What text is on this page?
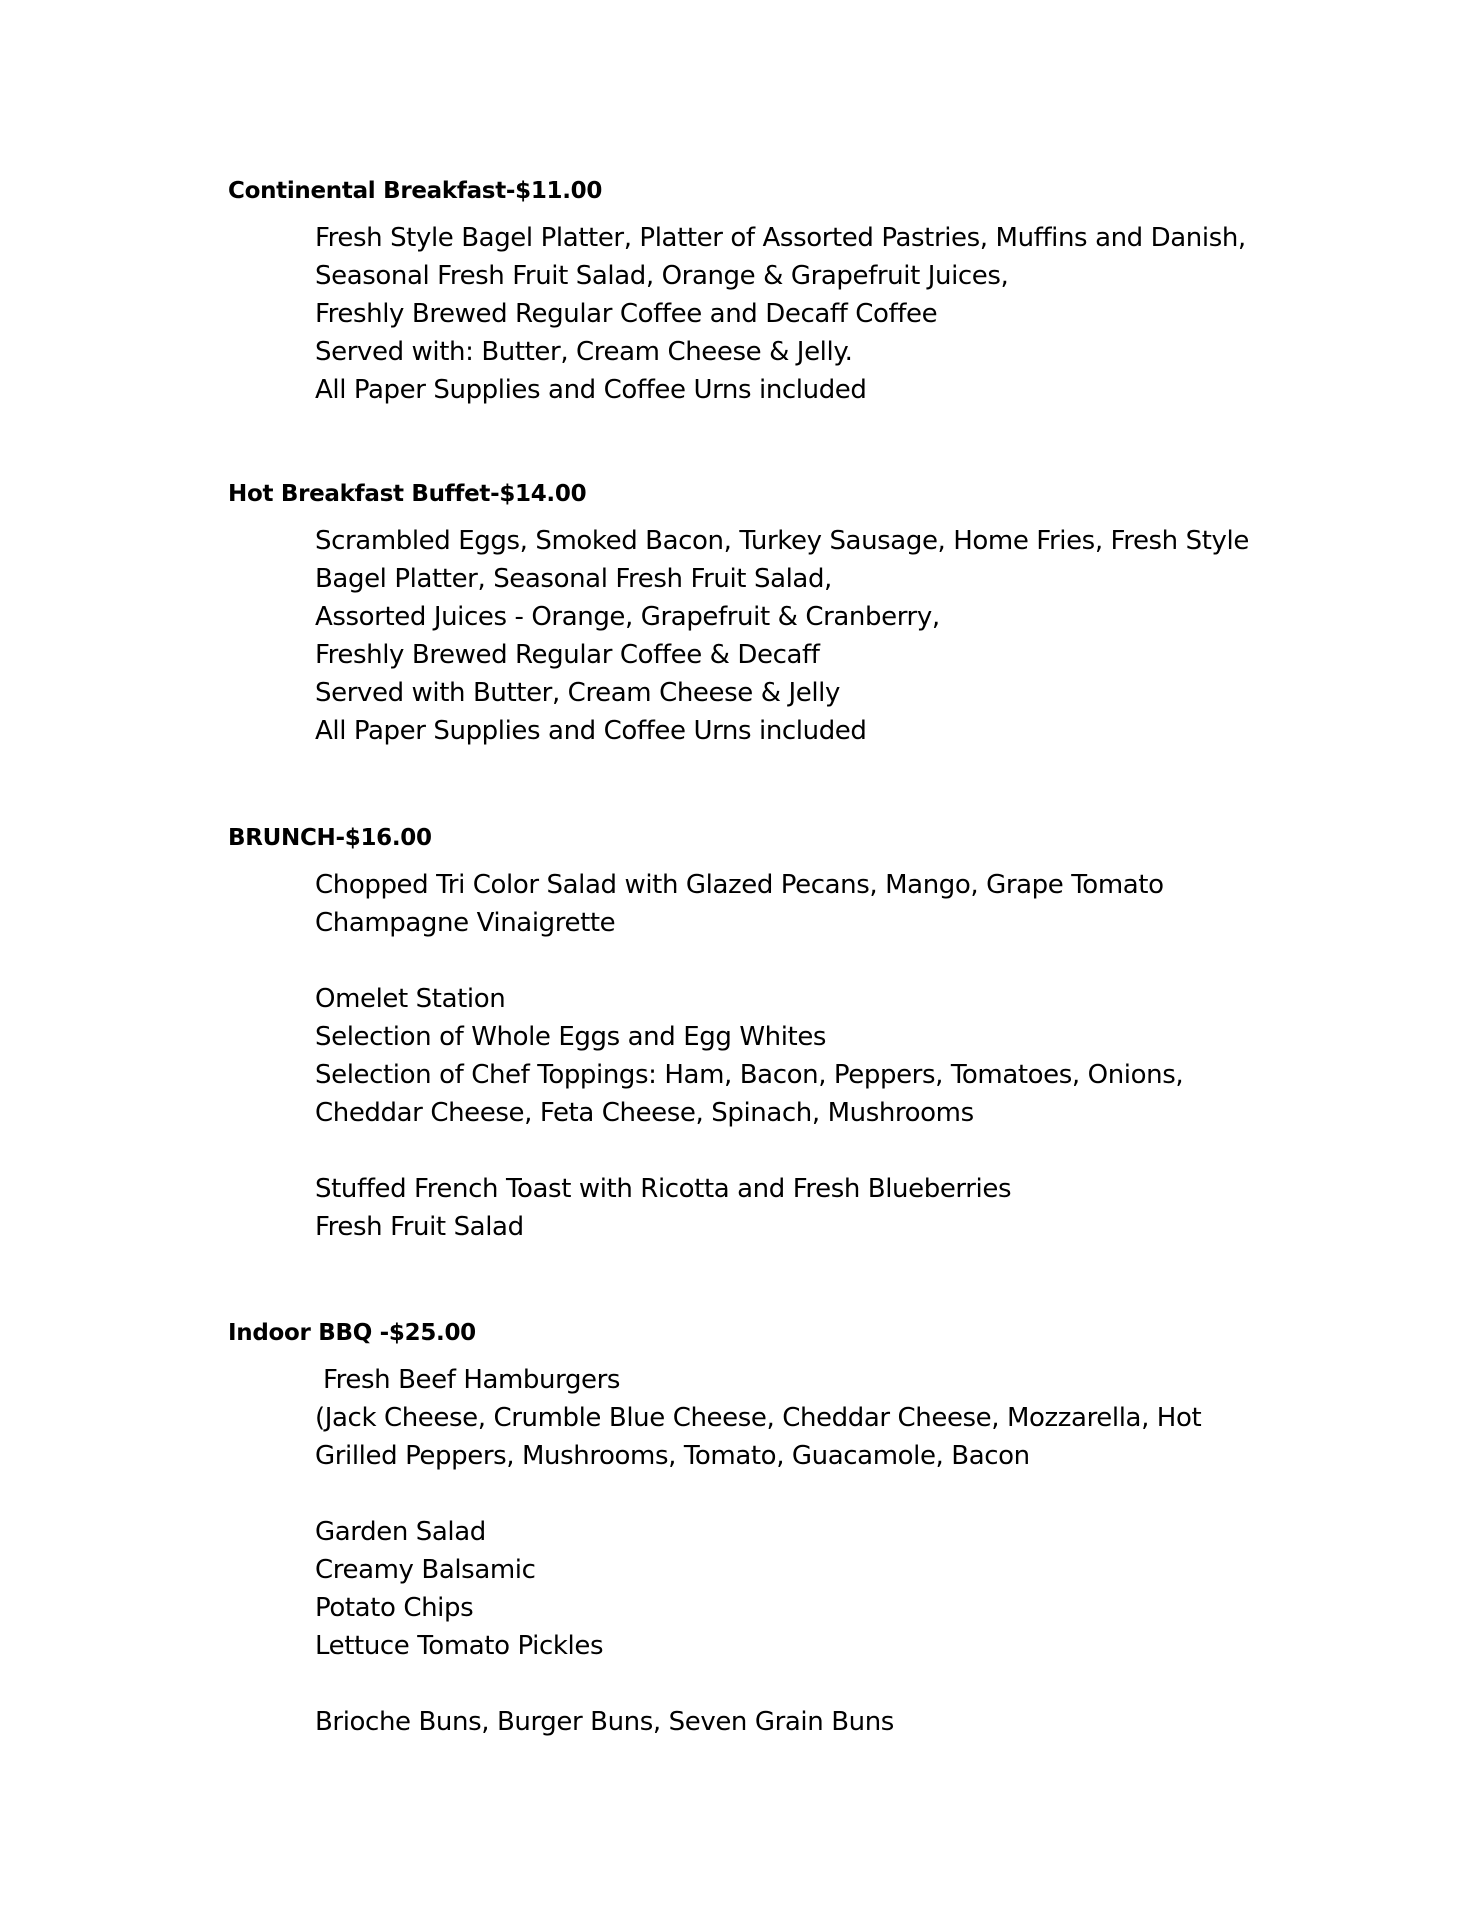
Continental Breakfast-$11.00

Fresh Style Bagel Platter, Platter of Assorted Pastries, Muffins and Danish,

Seasonal Fresh Fruit Salad, Orange & Grapefruit Juices,

Freshly Brewed Regular Coffee and Decaff Coffee

Served with: Butter, Cream Cheese & Jelly.

All Paper Supplies and Coffee Urns included

Hot Breakfast Buffet-$14.00

Scrambled Eggs, Smoked Bacon, Turkey Sausage, Home Fries, Fresh Style

Bagel Platter, Seasonal Fresh Fruit Salad,

Assorted Juices - Orange, Grapefruit & Cranberry,

Freshly Brewed Regular Coffee & Decaff

Served with Butter, Cream Cheese & Jelly

All Paper Supplies and Coffee Urns included

BRUNCH-$16.00

Chopped Tri Color Salad with Glazed Pecans, Mango, Grape Tomato

Champagne Vinaigrette

Omelet Station

Selection of Whole Eggs and Egg Whites

Selection of Chef Toppings: Ham, Bacon, Peppers, Tomatoes, Onions,

Cheddar Cheese, Feta Cheese, Spinach, Mushrooms

Stuffed French Toast with Ricotta and Fresh Blueberries

Fresh Fruit Salad

Indoor BBQ -$25.00

Fresh Beef Hamburgers

(Jack Cheese, Crumble Blue Cheese, Cheddar Cheese, Mozzarella, Hot

Grilled Peppers, Mushrooms, Tomato, Guacamole, Bacon

Garden Salad

Creamy Balsamic

Potato Chips

Lettuce Tomato Pickles

Brioche Buns, Burger Buns, Seven Grain Buns
